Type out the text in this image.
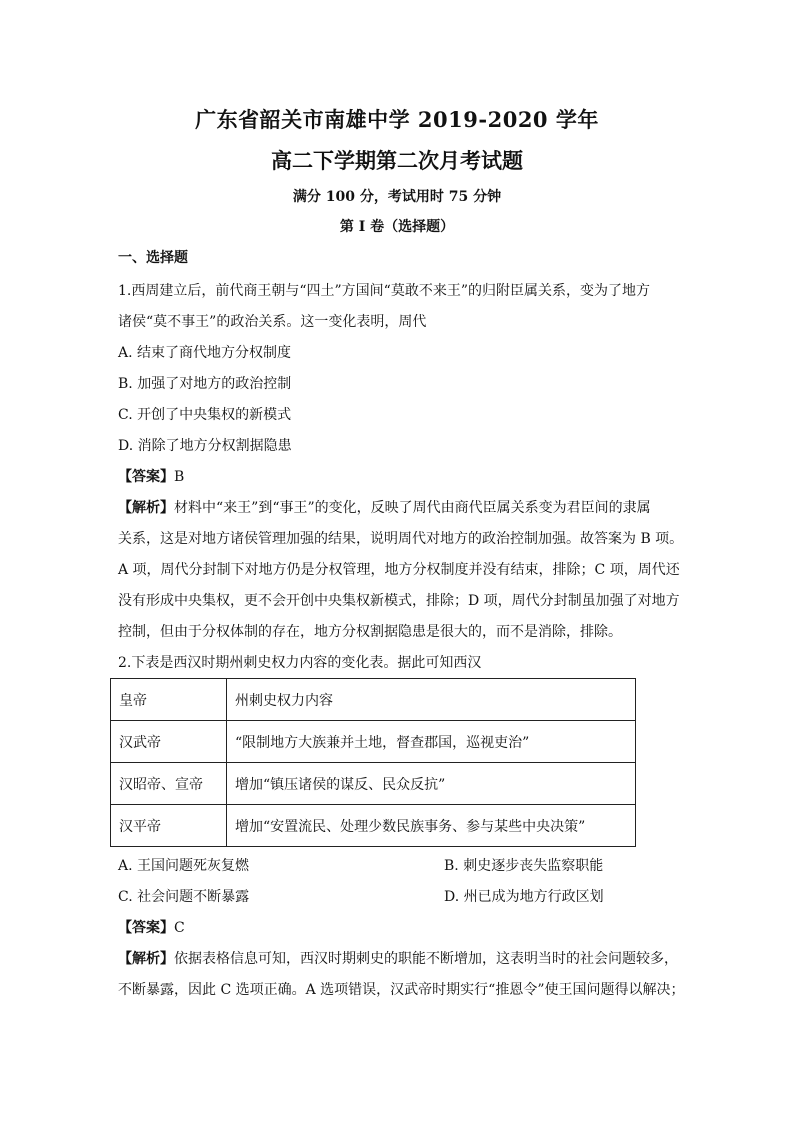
广东省韶关市南雄中学 2019-2020 学年
高二下学期第二次月考试题
满分 100 分，考试用时 75 分钟
第 I 卷（选择题）
一、选择题
1.西周建立后，前代商王朝与“四土”方国间“莫敢不来王”的归附臣属关系，变为了地方
诸侯“莫不事王”的政治关系。这一变化表明，周代
A. 结束了商代地方分权制度
B. 加强了对地方的政治控制
C. 开创了中央集权的新模式
D. 消除了地方分权割据隐患
【答案】B
【解析】材料中“来王”到“事王”的变化，反映了周代由商代臣属关系变为君臣间的隶属
关系，这是对地方诸侯管理加强的结果，说明周代对地方的政治控制加强。故答案为 B 项。
A 项，周代分封制下对地方仍是分权管理，地方分权制度并没有结束，排除；C 项，周代还
没有形成中央集权，更不会开创中央集权新模式，排除；D 项，周代分封制虽加强了对地方
控制，但由于分权体制的存在，地方分权割据隐患是很大的，而不是消除，排除。
2.下表是西汉时期州刺史权力内容的变化表。据此可知西汉
皇帝	州刺史权力内容
汉武帝	“限制地方大族兼并土地，督查郡国，巡视吏治”
汉昭帝、宣帝	增加“镇压诸侯的谋反、民众反抗”
汉平帝	增加“安置流民、处理少数民族事务、参与某些中央决策”
A. 王国问题死灰复燃	B. 刺史逐步丧失监察职能
C. 社会问题不断暴露	D. 州已成为地方行政区划
【答案】C
【解析】依据表格信息可知，西汉时期刺史的职能不断增加，这表明当时的社会问题较多，
不断暴露，因此 C 选项正确。A 选项错误，汉武帝时期实行“推恩令”使王国问题得以解决；
